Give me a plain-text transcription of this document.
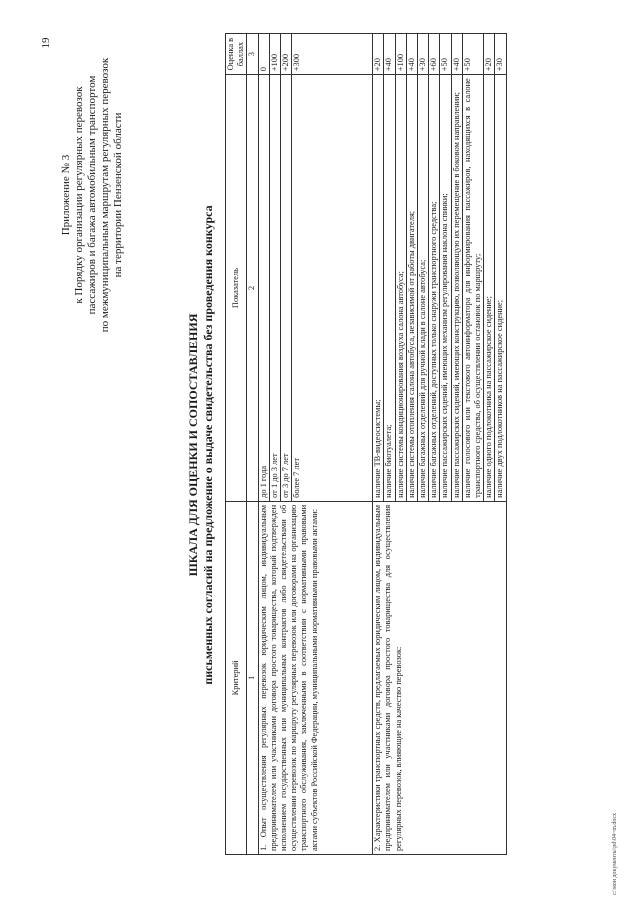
19
Приложение № 3 к Порядку организации регулярных перевозок пассажиров и багажа автомобильным транспортом по межмуниципальным маршрутам регулярных перевозок на территории Пензенской области
ШКАЛА ДЛЯ ОЦЕНКИ И СОПОСТАВЛЕНИЯ письменных согласий на предложение о выдаче свидетельства без проведения конкурса Критерий	Показатель	Оценка в баллах
1	2	3
1. Опыт осуществления регулярных перевозок юридическим лицом, индивидуальным предпринимателем или участниками договора простого товарищества, который подтвержден исполнением государственных или муниципальных контрактов либо свидетельствами об осуществлении перевозок по маршруту регулярных перевозок или договорами на организацию транспортного обслуживания, заключенными в соответствии с нормативными правовыми актами субъектов Российской Федерации, муниципальными нормативными правовыми актами:	до 1 года	0
	от 1 до 3 лет	+100
	от 3 до 7 лет	+200
	более 7 лет	+300
2. Характеристики транспортных средств, предлагаемых юридическим лицом, индивидуальным предпринимателем или участниками договора простого товарищества для осуществления регулярных перевозок, влияющие на качество перевозок:	наличие ТВ-видеосистемы;	+20
	наличие биотуалета;	+40
	наличие системы кондиционирования воздуха салона автобуса;	+100
	наличие системы отопления салона автобуса, независимой от работы двигателя;	+40
	наличие багажных отделений для ручной клади в салоне автобуса;	+30
	наличие багажных отделений, доступных только снаружи транспортного средства;	+60
	наличие пассажирских сидений, имеющих механизм регулирования наклона спинки;	+50
	наличие пассажирских сидений, имеющих конструкцию, позволяющую их перемещение в боковом направлении;	+40
	наличие голосового или текстового автоинформатора для информирования пассажиров, находящихся в салоне транспортного средства, об осуществлении остановок по маршруту;	+50
	наличие одного подлокотника на пассажирское сидение;	+20
	наличие двух подлокотников на пассажирское сидение;	+30
c:\мои документы\pd\04~m.docx
